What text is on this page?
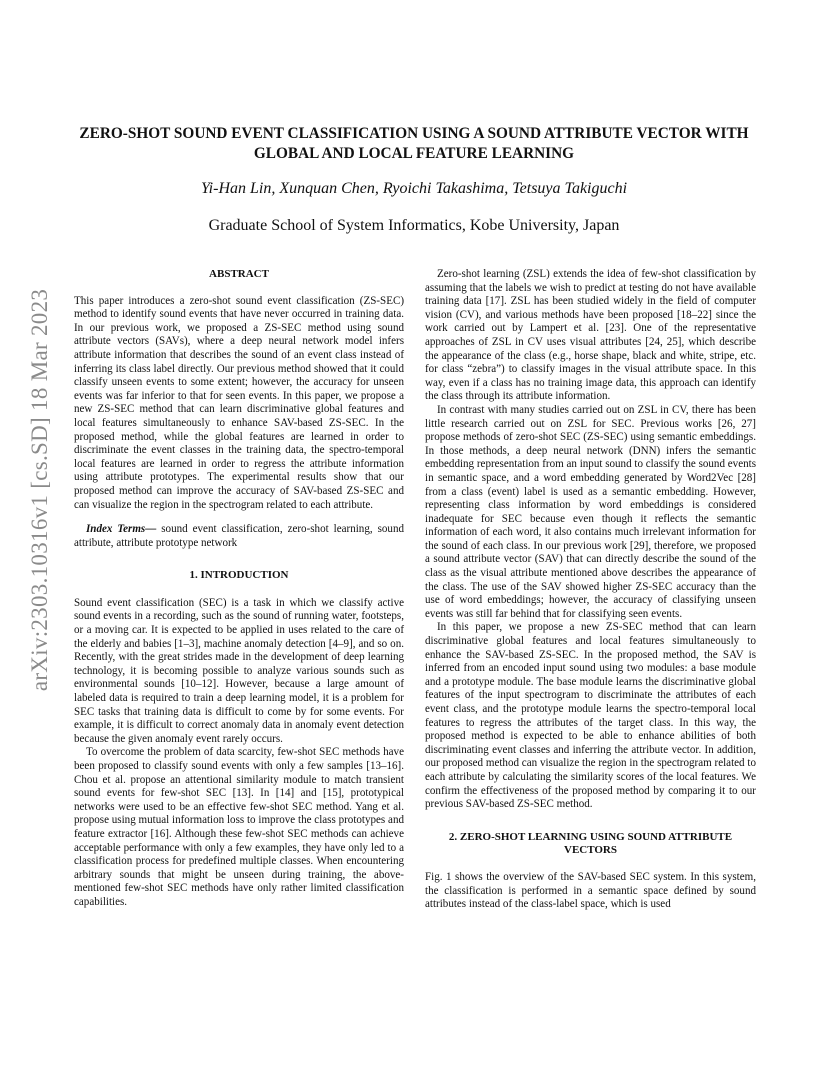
arXiv:2303.10316v1 [cs.SD] 18 Mar 2023
ZERO-SHOT SOUND EVENT CLASSIFICATION USING A SOUND ATTRIBUTE VECTOR WITH GLOBAL AND LOCAL FEATURE LEARNING
Yi-Han Lin, Xunquan Chen, Ryoichi Takashima, Tetsuya Takiguchi
Graduate School of System Informatics, Kobe University, Japan
ABSTRACT

This paper introduces a zero-shot sound event classification (ZS-SEC) method to identify sound events that have never occurred in training data. In our previous work, we proposed a ZS-SEC method using sound attribute vectors (SAVs), where a deep neural network model infers attribute information that describes the sound of an event class instead of inferring its class label directly. Our previous method showed that it could classify unseen events to some extent; however, the accuracy for unseen events was far inferior to that for seen events. In this paper, we propose a new ZS-SEC method that can learn discriminative global features and local features simultaneously to enhance SAV-based ZS-SEC. In the proposed method, while the global features are learned in order to discriminate the event classes in the training data, the spectro-temporal local features are learned in order to regress the attribute information using attribute prototypes. The experimental results show that our proposed method can improve the accuracy of SAV-based ZS-SEC and can visualize the region in the spectrogram related to each attribute.

Index Terms— sound event classification, zero-shot learning, sound attribute, attribute prototype network

1. INTRODUCTION

Sound event classification (SEC) is a task in which we classify active sound events in a recording, such as the sound of running water, footsteps, or a moving car. It is expected to be applied in uses related to the care of the elderly and babies [1–3], machine anomaly detection [4–9], and so on. Recently, with the great strides made in the development of deep learning technology, it is becoming possible to analyze various sounds such as environmental sounds [10–12]. However, because a large amount of labeled data is required to train a deep learning model, it is a problem for SEC tasks that training data is difficult to come by for some events. For example, it is difficult to correct anomaly data in anomaly event detection because the given anomaly event rarely occurs.

To overcome the problem of data scarcity, few-shot SEC methods have been proposed to classify sound events with only a few samples [13–16]. Chou et al. propose an attentional similarity module to match transient sound events for few-shot SEC [13]. In [14] and [15], prototypical networks were used to be an effective few-shot SEC method. Yang et al. propose using mutual information loss to improve the class prototypes and feature extractor [16]. Although these few-shot SEC methods can achieve acceptable performance with only a few examples, they have only led to a classification process for predefined multiple classes. When encountering arbitrary sounds that might be unseen during training, the above-mentioned few-shot SEC methods have only rather limited classification capabilities.

Zero-shot learning (ZSL) extends the idea of few-shot classification by assuming that the labels we wish to predict at testing do not have available training data [17]. ZSL has been studied widely in the field of computer vision (CV), and various methods have been proposed [18–22] since the work carried out by Lampert et al. [23]. One of the representative approaches of ZSL in CV uses visual attributes [24, 25], which describe the appearance of the class (e.g., horse shape, black and white, stripe, etc. for class “zebra”) to classify images in the visual attribute space. In this way, even if a class has no training image data, this approach can identify the class through its attribute information.

In contrast with many studies carried out on ZSL in CV, there has been little research carried out on ZSL for SEC. Previous works [26, 27] propose methods of zero-shot SEC (ZS-SEC) using semantic embeddings. In those methods, a deep neural network (DNN) infers the semantic embedding representation from an input sound to classify the sound events in semantic space, and a word embedding generated by Word2Vec [28] from a class (event) label is used as a semantic embedding. However, representing class information by word embeddings is considered inadequate for SEC because even though it reflects the semantic information of each word, it also contains much irrelevant information for the sound of each class. In our previous work [29], therefore, we proposed a sound attribute vector (SAV) that can directly describe the sound of the class as the visual attribute mentioned above describes the appearance of the class. The use of the SAV showed higher ZS-SEC accuracy than the use of word embeddings; however, the accuracy of classifying unseen events was still far behind that for classifying seen events.

In this paper, we propose a new ZS-SEC method that can learn discriminative global features and local features simultaneously to enhance the SAV-based ZS-SEC. In the proposed method, the SAV is inferred from an encoded input sound using two modules: a base module and a prototype module. The base module learns the discriminative global features of the input spectrogram to discriminate the attributes of each event class, and the prototype module learns the spectro-temporal local features to regress the attributes of the target class. In this way, the proposed method is expected to be able to enhance abilities of both discriminating event classes and inferring the attribute vector. In addition, our proposed method can visualize the region in the spectrogram related to each attribute by calculating the similarity scores of the local features. We confirm the effectiveness of the proposed method by comparing it to our previous SAV-based ZS-SEC method.

2. ZERO-SHOT LEARNING USING SOUND ATTRIBUTE VECTORS

Fig. 1 shows the overview of the SAV-based SEC system. In this system, the classification is performed in a semantic space defined by sound attributes instead of the class-label space, which is used
